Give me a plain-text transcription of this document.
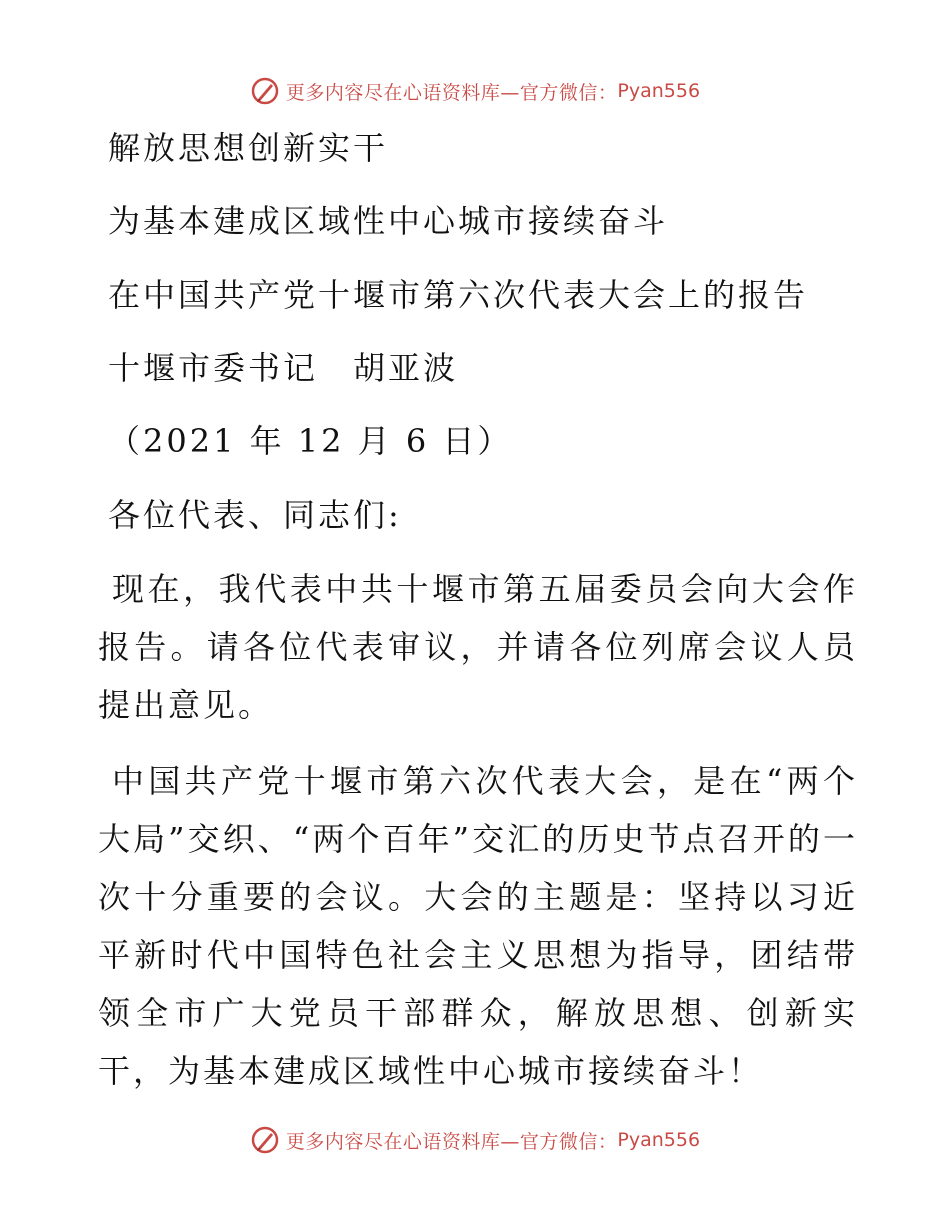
更多内容尽在心语资料库—官方微信： Pyan556
解放思想创新实干
为基本建成区域性中心城市接续奋斗
在中国共产党十堰市第六次代表大会上的报告
十堰市委书记　胡亚波
（2021 年 12 月 6 日）
各位代表、同志们:
现在，我代表中共十堰市第五届委员会向大会作报告。请各位代表审议，并请各位列席会议人员提出意见。
中国共产党十堰市第六次代表大会，是在“两个大局”交织、“两个百年”交汇的历史节点召开的一次十分重要的会议。大会的主题是：坚持以习近平新时代中国特色社会主义思想为指导，团结带领全市广大党员干部群众，解放思想、创新实干，为基本建成区域性中心城市接续奋斗！
更多内容尽在心语资料库—官方微信： Pyan556
